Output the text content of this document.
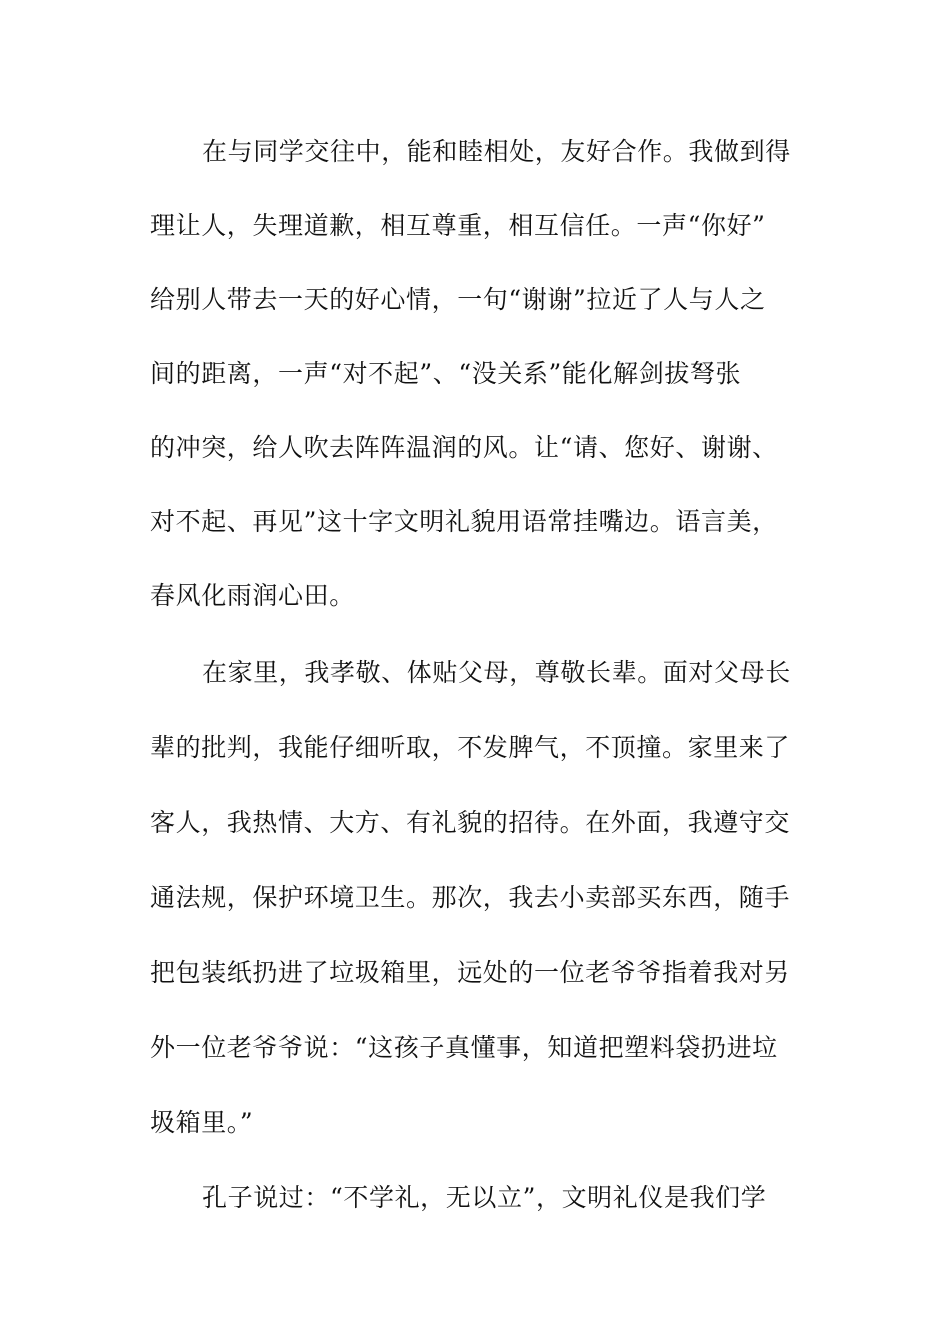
在与同学交往中，能和睦相处，友好合作。我做到得
理让人，失理道歉，相互尊重，相互信任。一声“你好”
给别人带去一天的好心情，一句“谢谢”拉近了人与人之
间的距离，一声“对不起”、“没关系”能化解剑拔弩张
的冲突，给人吹去阵阵温润的风。让“请、您好、谢谢、
对不起、再见”这十字文明礼貌用语常挂嘴边。语言美，
春风化雨润心田。
在家里，我孝敬、体贴父母，尊敬长辈。面对父母长
辈的批判，我能仔细听取，不发脾气，不顶撞。家里来了
客人，我热情、大方、有礼貌的招待。在外面，我遵守交
通法规，保护环境卫生。那次，我去小卖部买东西，随手
把包装纸扔进了垃圾箱里，远处的一位老爷爷指着我对另
外一位老爷爷说：“这孩子真懂事，知道把塑料袋扔进垃
圾箱里。”
孔子说过：“不学礼，无以立”，文明礼仪是我们学
